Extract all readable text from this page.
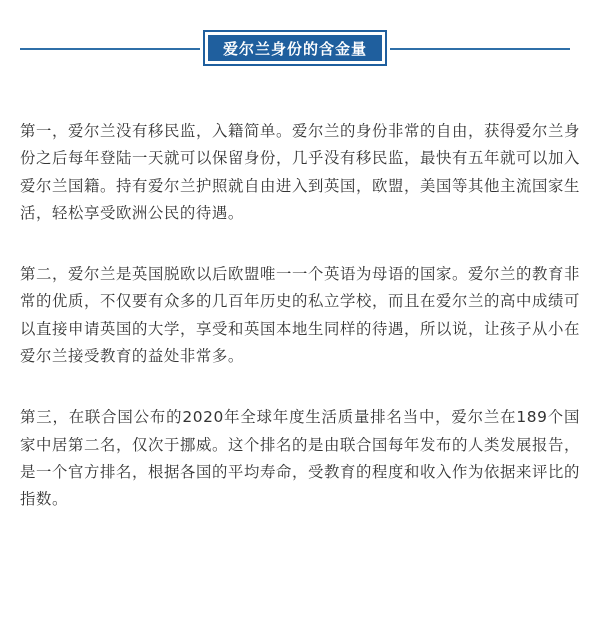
爱尔兰身份的含金量

第一，爱尔兰没有移民监，入籍简单。爱尔兰的身份非常的自由，获得爱尔兰身份之后每年登陆一天就可以保留身份，几乎没有移民监，最快有五年就可以加入爱尔兰国籍。持有爱尔兰护照就自由进入到英国，欧盟，美国等其他主流国家生活，轻松享受欧洲公民的待遇。

第二，爱尔兰是英国脱欧以后欧盟唯一一个英语为母语的国家。爱尔兰的教育非常的优质，不仅要有众多的几百年历史的私立学校，而且在爱尔兰的高中成绩可以直接申请英国的大学，享受和英国本地生同样的待遇，所以说，让孩子从小在爱尔兰接受教育的益处非常多。

第三，在联合国公布的2020年全球年度生活质量排名当中，爱尔兰在189个国家中居第二名，仅次于挪威。这个排名的是由联合国每年发布的人类发展报告，是一个官方排名，根据各国的平均寿命，受教育的程度和收入作为依据来评比的指数。
